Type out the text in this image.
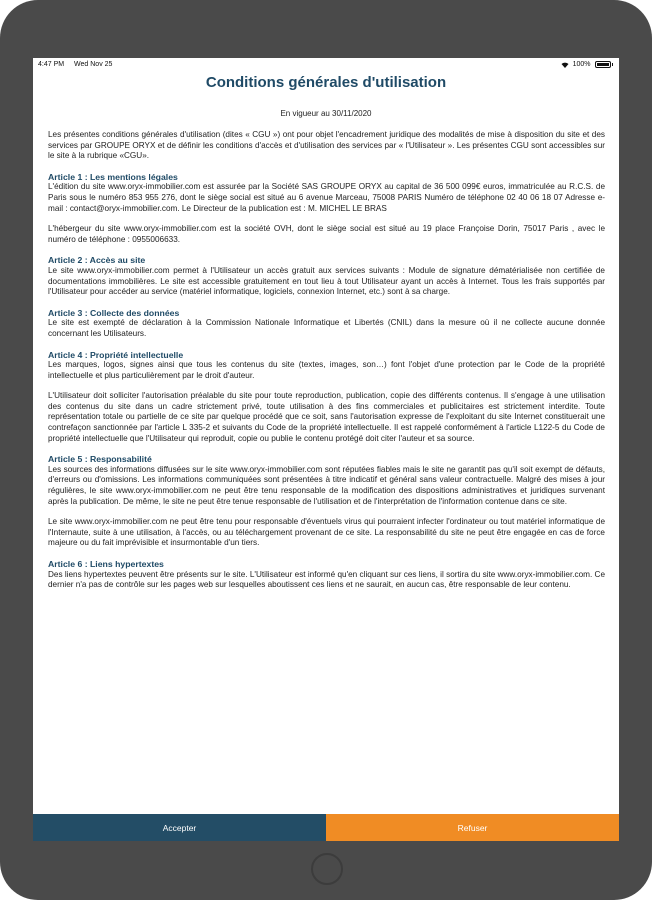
4:47 PM Wed Nov 25	100%
Conditions générales d'utilisation
En vigueur au 30/11/2020

Les présentes conditions générales d'utilisation (dites « CGU ») ont pour objet l'encadrement juridique des modalités de mise à disposition du site et des services par GROUPE ORYX et de définir les conditions d'accès et d'utilisation des services par « l'Utilisateur ». Les présentes CGU sont accessibles sur le site à la rubrique «CGU».

Article 1 : Les mentions légales

L'édition du site www.oryx-immobilier.com est assurée par la Société SAS GROUPE ORYX au capital de 36 500 099€ euros, immatriculée au R.C.S. de Paris sous le numéro 853 955 276, dont le siège social est situé au 6 avenue Marceau, 75008 PARIS Numéro de téléphone 02 40 06 18 07 Adresse e-mail : contact@oryx-immobilier.com. Le Directeur de la publication est : M. MICHEL LE BRAS

L'hébergeur du site www.oryx-immobilier.com est la société OVH, dont le siège social est situé au 19 place Françoise Dorin, 75017 Paris , avec le numéro de téléphone : 0955006633.

Article 2 : Accès au site

Le site www.oryx-immobilier.com permet à l'Utilisateur un accès gratuit aux services suivants : Module de signature dématérialisée non certifiée de documentations immobilières. Le site est accessible gratuitement en tout lieu à tout Utilisateur ayant un accès à Internet. Tous les frais supportés par l'Utilisateur pour accéder au service (matériel informatique, logiciels, connexion Internet, etc.) sont à sa charge.

Article 3 : Collecte des données

Le site est exempté de déclaration à la Commission Nationale Informatique et Libertés (CNIL) dans la mesure où il ne collecte aucune donnée concernant les Utilisateurs.

Article 4 : Propriété intellectuelle

Les marques, logos, signes ainsi que tous les contenus du site (textes, images, son…) font l'objet d'une protection par le Code de la propriété intellectuelle et plus particulièrement par le droit d'auteur.

L'Utilisateur doit solliciter l'autorisation préalable du site pour toute reproduction, publication, copie des différents contenus. Il s'engage à une utilisation des contenus du site dans un cadre strictement privé, toute utilisation à des fins commerciales et publicitaires est strictement interdite. Toute représentation totale ou partielle de ce site par quelque procédé que ce soit, sans l'autorisation expresse de l'exploitant du site Internet constituerait une contrefaçon sanctionnée par l'article L 335-2 et suivants du Code de la propriété intellectuelle. Il est rappelé conformément à l'article L122-5 du Code de propriété intellectuelle que l'Utilisateur qui reproduit, copie ou publie le contenu protégé doit citer l'auteur et sa source.

Article 5 : Responsabilité

Les sources des informations diffusées sur le site www.oryx-immobilier.com sont réputées fiables mais le site ne garantit pas qu'il soit exempt de défauts, d'erreurs ou d'omissions. Les informations communiquées sont présentées à titre indicatif et général sans valeur contractuelle. Malgré des mises à jour régulières, le site www.oryx-immobilier.com ne peut être tenu responsable de la modification des dispositions administratives et juridiques survenant après la publication. De même, le site ne peut être tenue responsable de l'utilisation et de l'interprétation de l'information contenue dans ce site.

Le site www.oryx-immobilier.com ne peut être tenu pour responsable d'éventuels virus qui pourraient infecter l'ordinateur ou tout matériel informatique de l'Internaute, suite à une utilisation, à l'accès, ou au téléchargement provenant de ce site. La responsabilité du site ne peut être engagée en cas de force majeure ou du fait imprévisible et insurmontable d'un tiers.

Article 6 : Liens hypertextes

Des liens hypertextes peuvent être présents sur le site. L'Utilisateur est informé qu'en cliquant sur ces liens, il sortira du site www.oryx-immobilier.com. Ce dernier n'a pas de contrôle sur les pages web sur lesquelles aboutissent ces liens et ne saurait, en aucun cas, être responsable de leur contenu.

Accepter	Refuser
